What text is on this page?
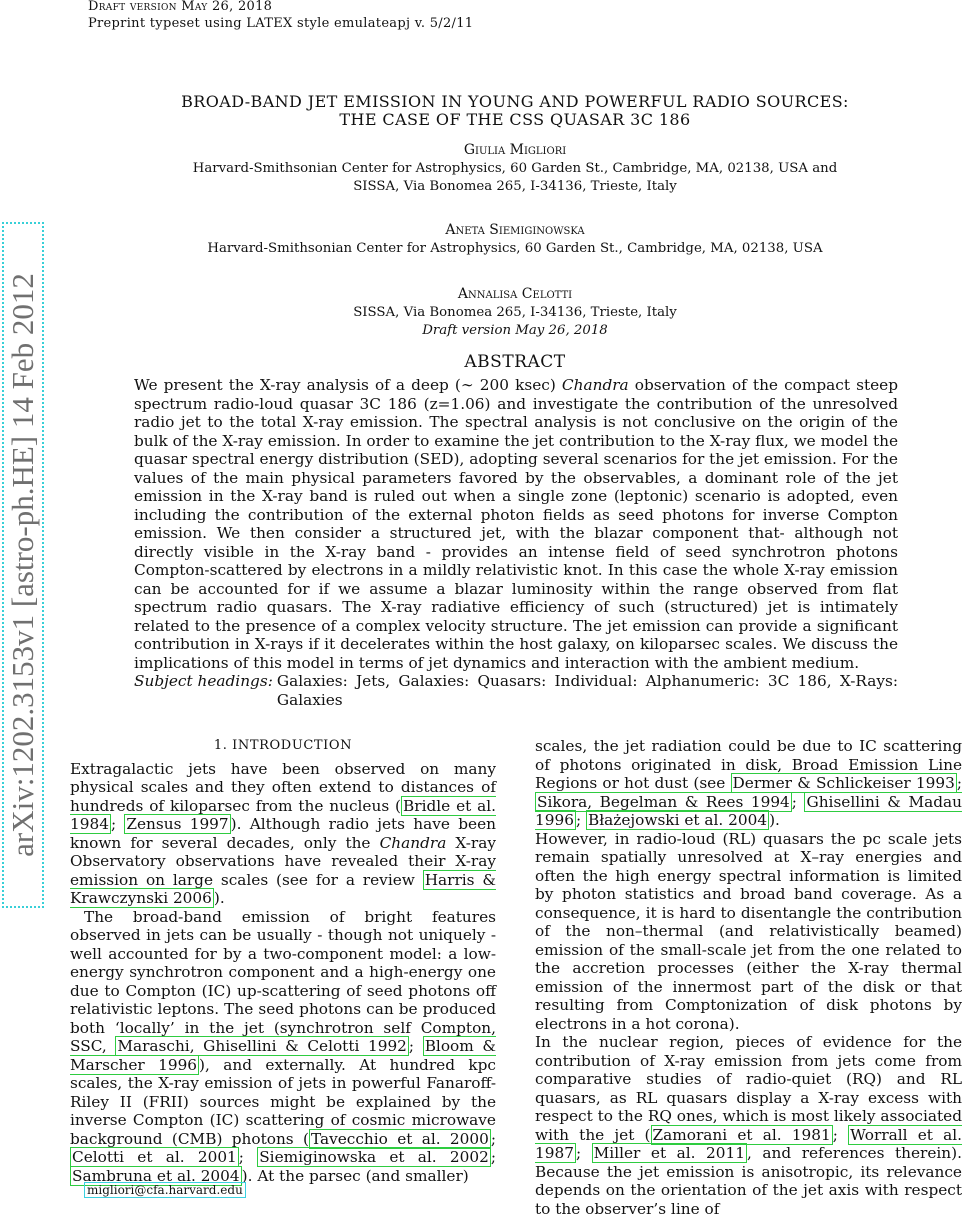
Draft version May 26, 2018
Preprint typeset using LATEX style emulateapj v. 5/2/11
arXiv:1202.3153v1 [astro-ph.HE] 14 Feb 2012
BROAD-BAND JET EMISSION IN YOUNG AND POWERFUL RADIO SOURCES:
THE CASE OF THE CSS QUASAR 3C 186
Giulia Migliori
Harvard-Smithsonian Center for Astrophysics, 60 Garden St., Cambridge, MA, 02138, USA and
SISSA, Via Bonomea 265, I-34136, Trieste, Italy
Aneta Siemiginowska
Harvard-Smithsonian Center for Astrophysics, 60 Garden St., Cambridge, MA, 02138, USA
Annalisa Celotti
SISSA, Via Bonomea 265, I-34136, Trieste, Italy
Draft version May 26, 2018
ABSTRACT
We present the X-ray analysis of a deep (∼ 200 ksec) Chandra observation of the compact steep spectrum radio-loud quasar 3C 186 (z=1.06) and investigate the contribution of the unresolved radio jet to the total X-ray emission. The spectral analysis is not conclusive on the origin of the bulk of the X-ray emission. In order to examine the jet contribution to the X-ray flux, we model the quasar spectral energy distribution (SED), adopting several scenarios for the jet emission. For the values of the main physical parameters favored by the observables, a dominant role of the jet emission in the X-ray band is ruled out when a single zone (leptonic) scenario is adopted, even including the contribution of the external photon fields as seed photons for inverse Compton emission. We then consider a structured jet, with the blazar component that- although not directly visible in the X-ray band - provides an intense field of seed synchrotron photons Compton-scattered by electrons in a mildly relativistic knot. In this case the whole X-ray emission can be accounted for if we assume a blazar luminosity within the range observed from flat spectrum radio quasars. The X-ray radiative efficiency of such (structured) jet is intimately related to the presence of a complex velocity structure. The jet emission can provide a significant contribution in X-rays if it decelerates within the host galaxy, on kiloparsec scales. We discuss the implications of this model in terms of jet dynamics and interaction with the ambient medium.
Subject headings: Galaxies: Jets, Galaxies: Quasars: Individual: Alphanumeric: 3C 186, X-Rays: Galaxies
1. INTRODUCTION

Extragalactic jets have been observed on many physical scales and they often extend to distances of hundreds of kiloparsec from the nucleus ( Bridle et al. 1984 ; Zensus 1997 ). Although radio jets have been known for several decades, only the Chandra X-ray Observatory observations have revealed their X-ray emission on large scales (see for a review Harris & Krawczynski 2006 ).

The broad-band emission of bright features observed in jets can be usually - though not uniquely - well accounted for by a two-component model: a low-energy synchrotron component and a high-energy one due to Compton (IC) up-scattering of seed photons off relativistic leptons. The seed photons can be produced both ‘locally’ in the jet (synchrotron self Compton, SSC, Maraschi, Ghisellini & Celotti 1992 ; Bloom & Marscher 1996 ), and externally. At hundred kpc scales, the X-ray emission of jets in powerful Fanaroff-Riley II (FRII) sources might be explained by the inverse Compton (IC) scattering of cosmic microwave background (CMB) photons ( Tavecchio et al. 2000 ; Celotti et al. 2001 ; Siemiginowska et al. 2002 ; Sambruna et al. 2004 ). At the parsec (and smaller)

scales, the jet radiation could be due to IC scattering of photons originated in disk, Broad Emission Line Regions or hot dust (see Dermer & Schlickeiser 1993 ; Sikora, Begelman & Rees 1994 ; Ghisellini & Madau 1996 ; Błażejowski et al. 2004 ).

However, in radio-loud (RL) quasars the pc scale jets remain spatially unresolved at X–ray energies and often the high energy spectral information is limited by photon statistics and broad band coverage. As a consequence, it is hard to disentangle the contribution of the non–thermal (and relativistically beamed) emission of the small-scale jet from the one related to the accretion processes (either the X-ray thermal emission of the innermost part of the disk or that resulting from Comptonization of disk photons by electrons in a hot corona).

In the nuclear region, pieces of evidence for the contribution of X-ray emission from jets come from comparative studies of radio-quiet (RQ) and RL quasars, as RL quasars display a X-ray excess with respect to the RQ ones, which is most likely associated with the jet ( Zamorani et al. 1981 ; Worrall et al. 1987 ; Miller et al. 2011 , and references therein). Because the jet emission is anisotropic, its relevance depends on the orientation of the jet axis with respect to the observer’s line of

migliori@cfa.harvard.edu
